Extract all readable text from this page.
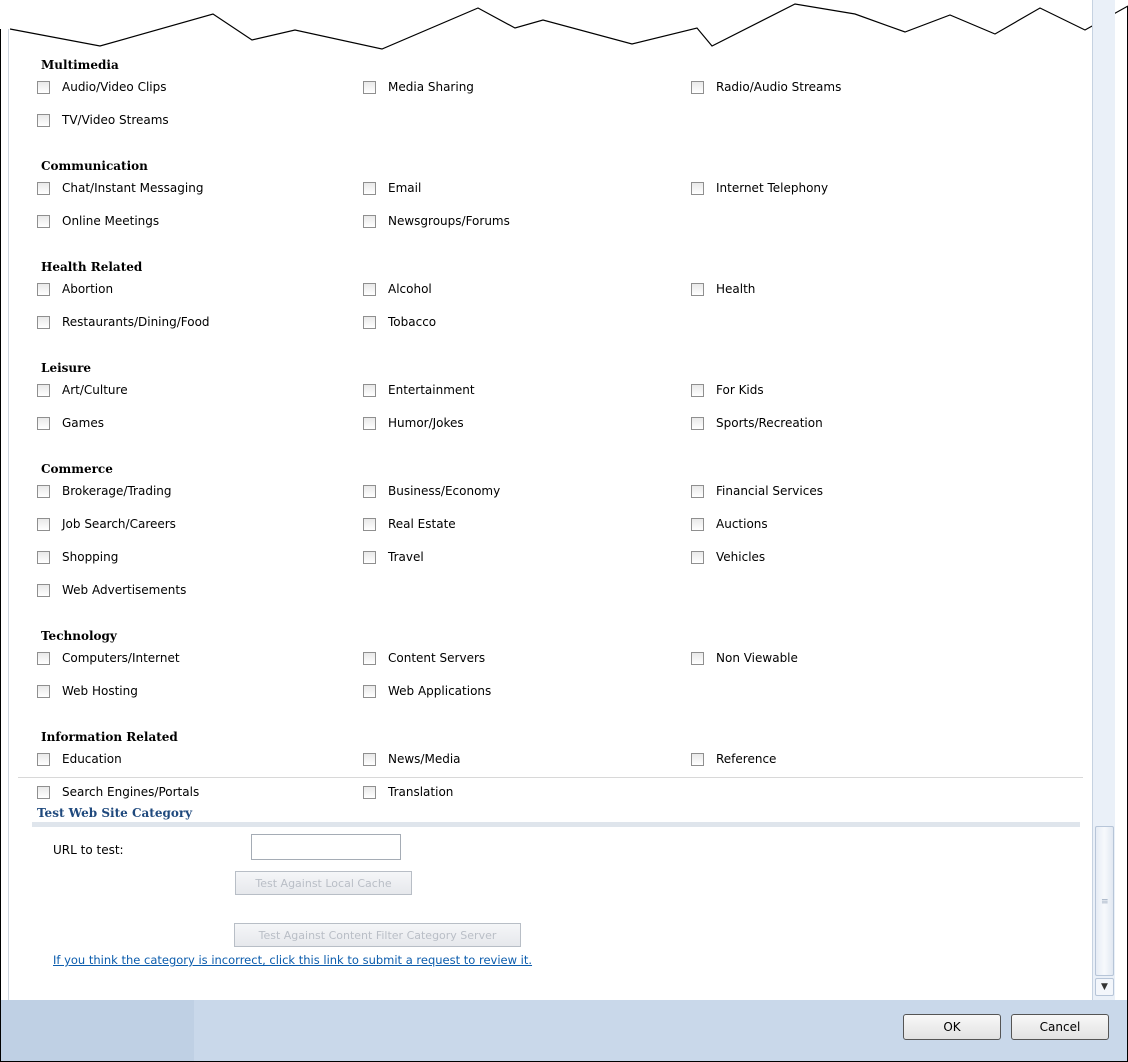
Multimedia
Audio/Video Clips	Media Sharing	Radio/Audio Streams
TV/Video Streams
Communication
Chat/Instant Messaging	Email	Internet Telephony
Online Meetings	Newsgroups/Forums
Health Related
Abortion	Alcohol	Health
Restaurants/Dining/Food	Tobacco
Leisure
Art/Culture	Entertainment	For Kids
Games	Humor/Jokes	Sports/Recreation
Commerce
Brokerage/Trading	Business/Economy	Financial Services
Job Search/Careers	Real Estate	Auctions
Shopping	Travel	Vehicles
Web Advertisements
Technology
Computers/Internet	Content Servers	Non Viewable
Web Hosting	Web Applications
Information Related
Education	News/Media	Reference
Search Engines/Portals	Translation
Test Web Site Category
URL to test:
Test Against Local Cache
Test Against Content Filter Category Server
If you think the category is incorrect, click this link to submit a request to review it.
≡
▼
OK	Cancel
